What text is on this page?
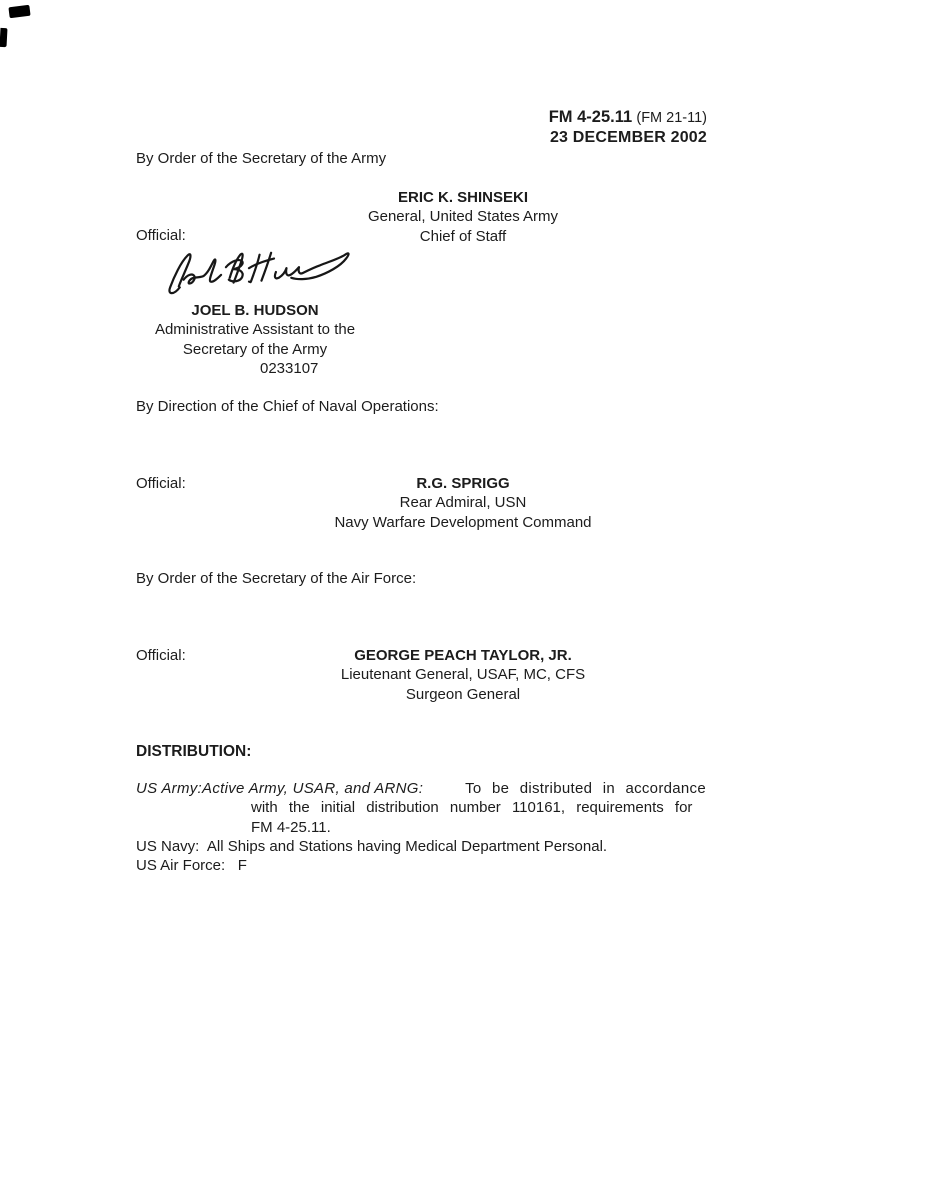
FM 4-25.11 (FM 21-11)
23 DECEMBER 2002
By Order of the Secretary of the Army
ERIC K. SHINSEKI
General, United States Army
Chief of Staff
Official:
JOEL B. HUDSON
Administrative Assistant to the
Secretary of the Army
0233107
By Direction of the Chief of Naval Operations:
Official:	R.G. SPRIGG
Rear Admiral, USN
Navy Warfare Development Command
By Order of the Secretary of the Air Force:
Official:	GEORGE PEACH TAYLOR, JR.
Lieutenant General, USAF, MC, CFS
Surgeon General
DISTRIBUTION:
US Army:Active Army, USAR, and ARNG:	To be distributed in accordance
with the initial distribution number 110161, requirements for
FM 4-25.11.
US Navy:  All Ships and Stations having Medical Department Personal.
US Air Force:   F
